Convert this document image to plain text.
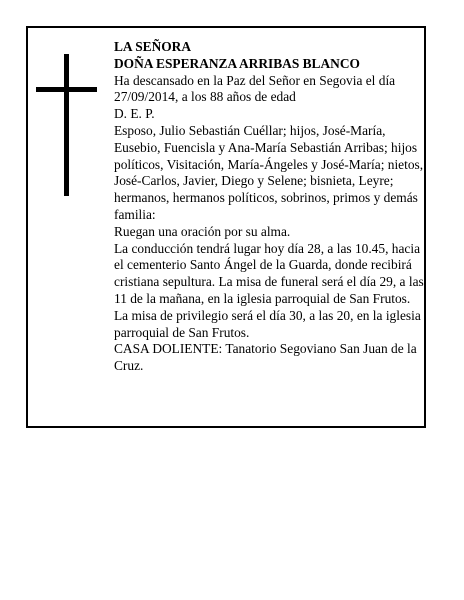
LA SEÑORA

DOÑA ESPERANZA ARRIBAS BLANCO

Ha descansado en la Paz del Señor en Segovia el día 27/09/2014, a los 88 años de edad

D. E. P.

Esposo, Julio Sebastián Cuéllar; hijos, José-María, Eusebio, Fuencisla y Ana-María Sebastián Arribas; hijos políticos, Visitación, María-Ángeles y José-María; nietos, José-Carlos, Javier, Diego y Selene; bisnieta, Leyre; hermanos, hermanos políticos, sobrinos, primos y demás familia:

Ruegan una oración por su alma.

La conducción tendrá lugar hoy día 28, a las 10.45, hacia el cementerio Santo Ángel de la Guarda, donde recibirá cristiana sepultura. La misa de funeral será el día 29, a las 11 de la mañana, en la iglesia parroquial de San Frutos. La misa de privilegio será el día 30, a las 20, en la iglesia parroquial de San Frutos.

CASA DOLIENTE: Tanatorio Segoviano San Juan de la Cruz.
